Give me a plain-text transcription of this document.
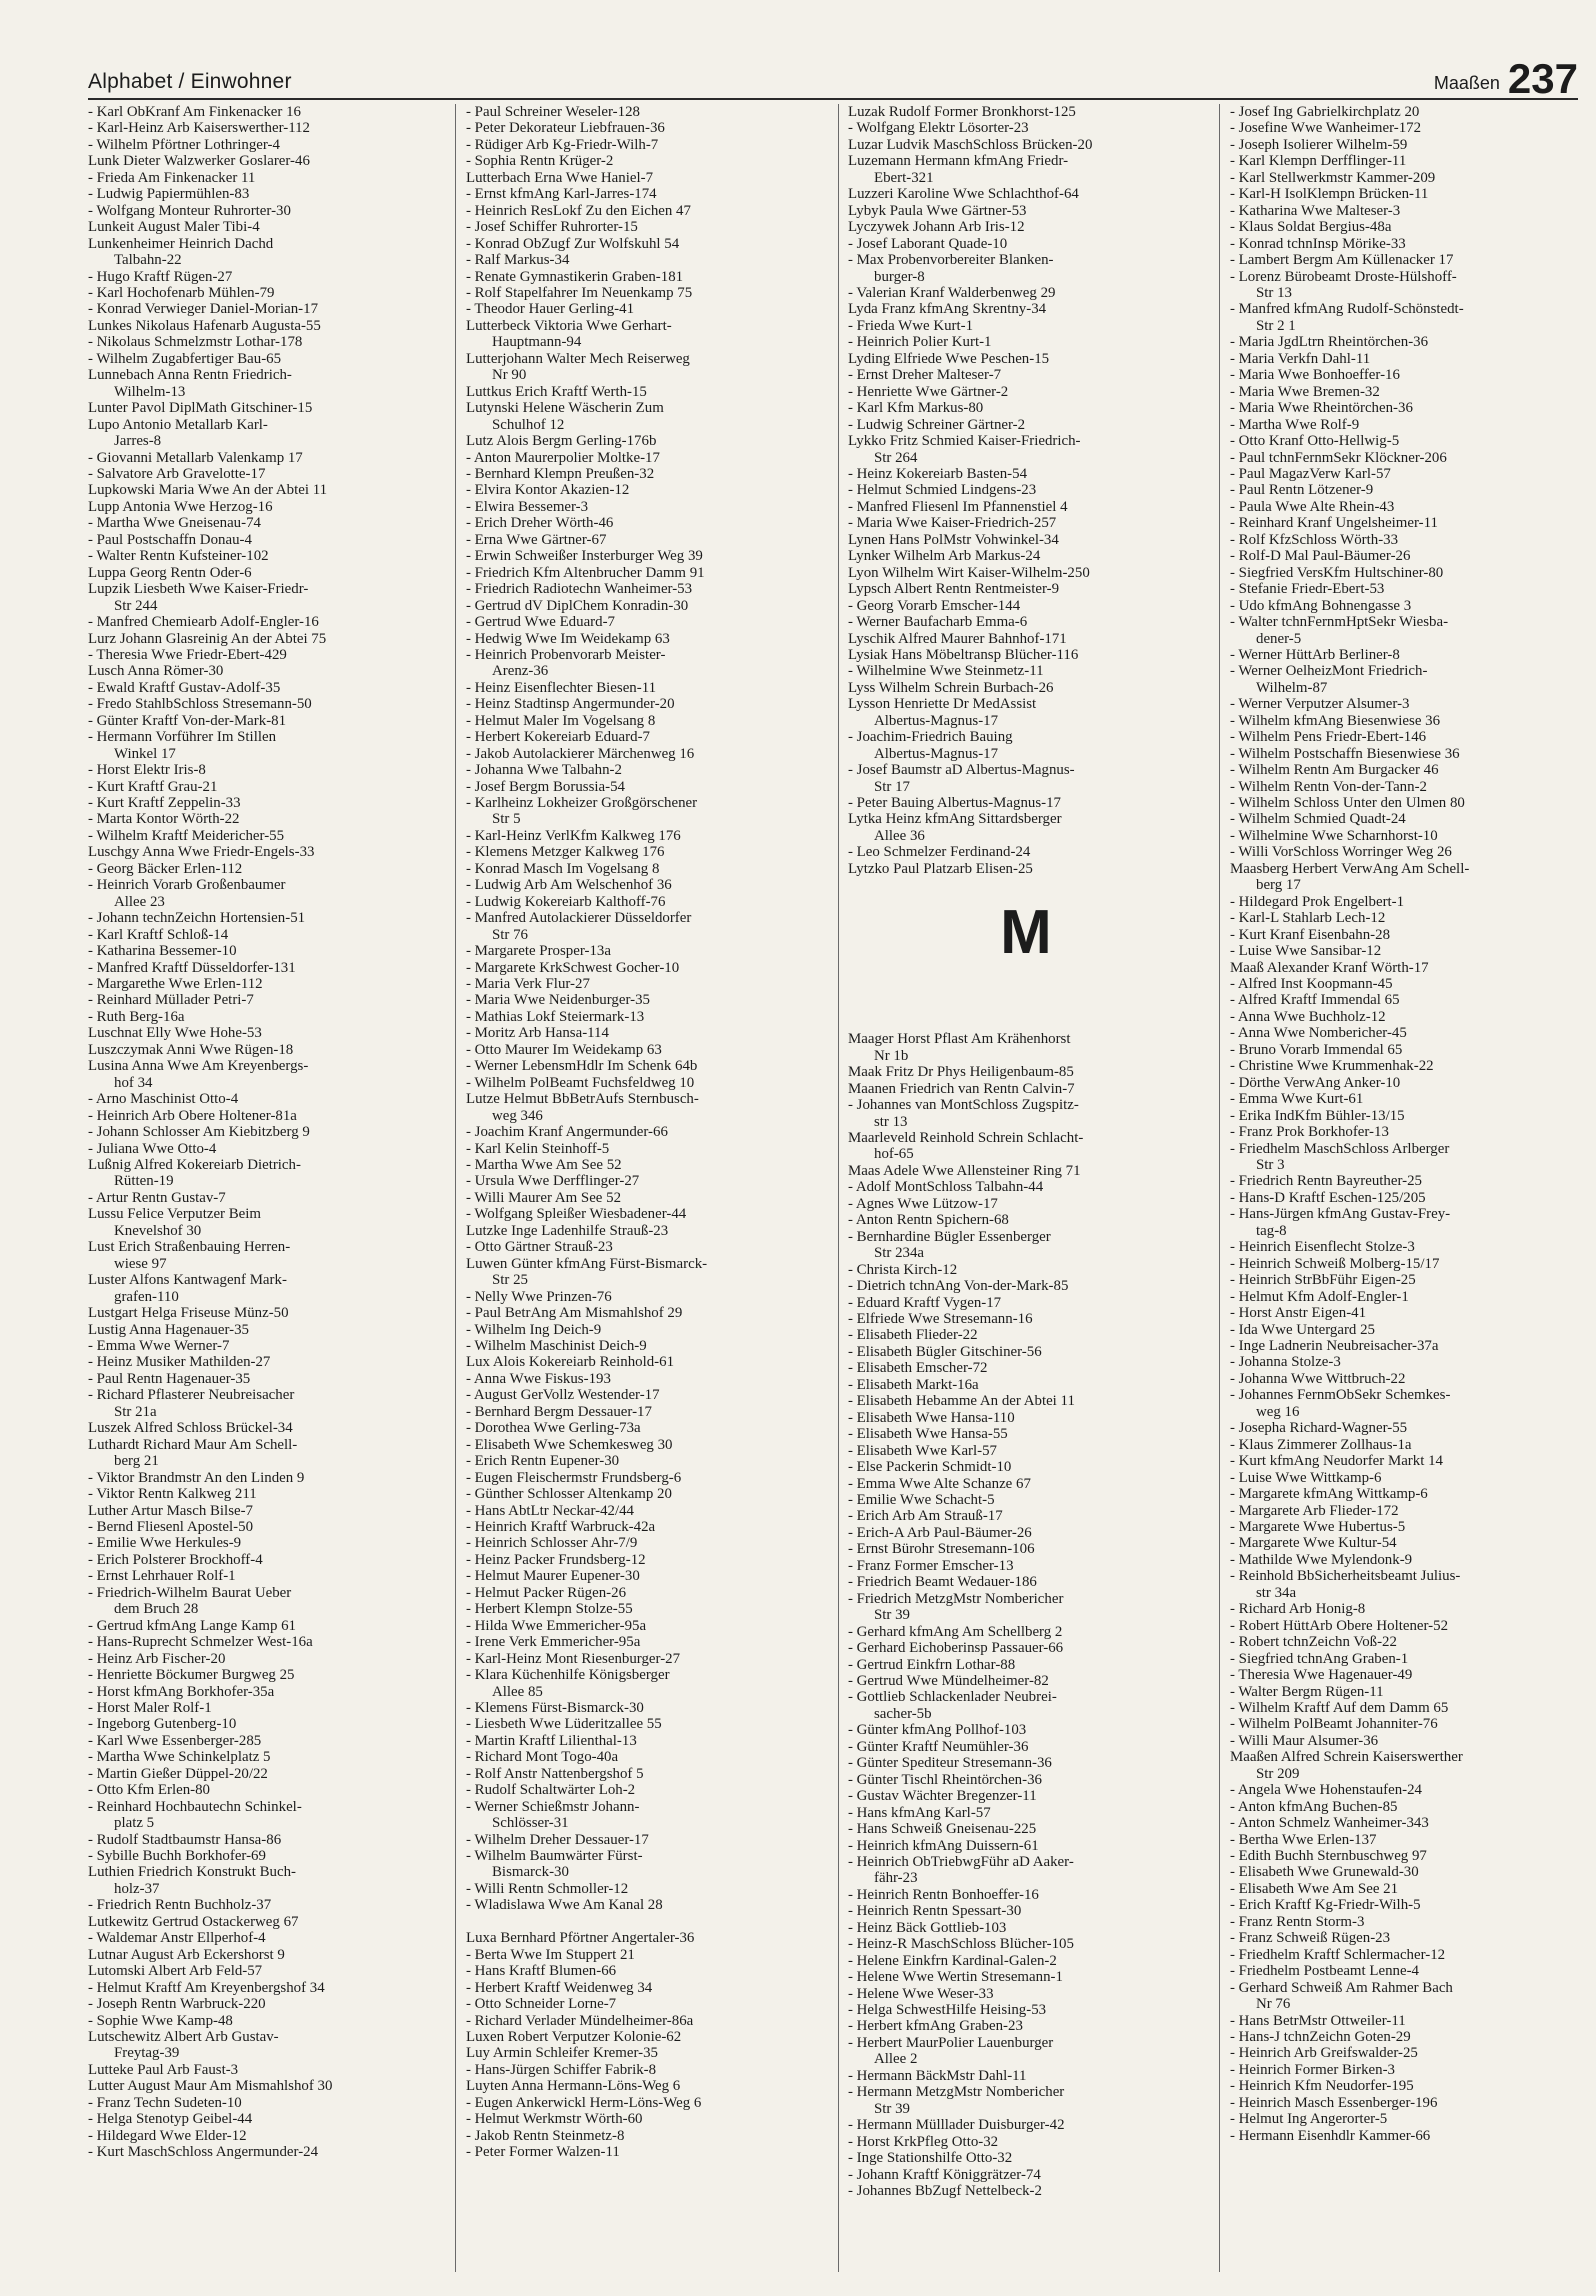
Alphabet / Einwohner	Maaßen 237
- Karl ObKranf Am Finkenacker 16
- Karl-Heinz Arb Kaiserswerther-112
- Wilhelm Pförtner Lothringer-4
Lunk Dieter Walzwerker Goslarer-46
- Frieda Am Finkenacker 11
- Ludwig Papiermühlen-83
- Wolfgang Monteur Ruhrorter-30
Lunkeit August Maler Tibi-4
Lunkenheimer Heinrich Dachd
Talbahn-22
- Hugo Kraftf Rügen-27
- Karl Hochofenarb Mühlen-79
- Konrad Verwieger Daniel-Morian-17
Lunkes Nikolaus Hafenarb Augusta-55
- Nikolaus Schmelzmstr Lothar-178
- Wilhelm Zugabfertiger Bau-65
Lunnebach Anna Rentn Friedrich-
Wilhelm-13
Lunter Pavol DiplMath Gitschiner-15
Lupo Antonio Metallarb Karl-
Jarres-8
- Giovanni Metallarb Valenkamp 17
- Salvatore Arb Gravelotte-17
Lupkowski Maria Wwe An der Abtei 11
Lupp Antonia Wwe Herzog-16
- Martha Wwe Gneisenau-74
- Paul Postschaffn Donau-4
- Walter Rentn Kufsteiner-102
Luppa Georg Rentn Oder-6
Lupzik Liesbeth Wwe Kaiser-Friedr-
Str 244
- Manfred Chemiearb Adolf-Engler-16
Lurz Johann Glasreinig An der Abtei 75
- Theresia Wwe Friedr-Ebert-429
Lusch Anna Römer-30
- Ewald Kraftf Gustav-Adolf-35
- Fredo StahlbSchloss Stresemann-50
- Günter Kraftf Von-der-Mark-81
- Hermann Vorführer Im Stillen
Winkel 17
- Horst Elektr Iris-8
- Kurt Kraftf Grau-21
- Kurt Kraftf Zeppelin-33
- Marta Kontor Wörth-22
- Wilhelm Kraftf Meidericher-55
Luschgy Anna Wwe Friedr-Engels-33
- Georg Bäcker Erlen-112
- Heinrich Vorarb Großenbaumer
Allee 23
- Johann technZeichn Hortensien-51
- Karl Kraftf Schloß-14
- Katharina Bessemer-10
- Manfred Kraftf Düsseldorfer-131
- Margarethe Wwe Erlen-112
- Reinhard Müllader Petri-7
- Ruth Berg-16a
Luschnat Elly Wwe Hohe-53
Luszczymak Anni Wwe Rügen-18
Lusina Anna Wwe Am Kreyenbergs-
hof 34
- Arno Maschinist Otto-4
- Heinrich Arb Obere Holtener-81a
- Johann Schlosser Am Kiebitzberg 9
- Juliana Wwe Otto-4
Lußnig Alfred Kokereiarb Dietrich-
Rütten-19
- Artur Rentn Gustav-7
Lussu Felice Verputzer Beim
Knevelshof 30
Lust Erich Straßenbauing Herren-
wiese 97
Luster Alfons Kantwagenf Mark-
grafen-110
Lustgart Helga Friseuse Münz-50
Lustig Anna Hagenauer-35
- Emma Wwe Werner-7
- Heinz Musiker Mathilden-27
- Paul Rentn Hagenauer-35
- Richard Pflasterer Neubreisacher
Str 21a
Luszek Alfred Schloss Brückel-34
Luthardt Richard Maur Am Schell-
berg 21
- Viktor Brandmstr An den Linden 9
- Viktor Rentn Kalkweg 211
Luther Artur Masch Bilse-7
- Bernd Fliesenl Apostel-50
- Emilie Wwe Herkules-9
- Erich Polsterer Brockhoff-4
- Ernst Lehrhauer Rolf-1
- Friedrich-Wilhelm Baurat Ueber
dem Bruch 28
- Gertrud kfmAng Lange Kamp 61
- Hans-Ruprecht Schmelzer West-16a
- Heinz Arb Fischer-20
- Henriette Böckumer Burgweg 25
- Horst kfmAng Borkhofer-35a
- Horst Maler Rolf-1
- Ingeborg Gutenberg-10
- Karl Wwe Essenberger-285
- Martha Wwe Schinkelplatz 5
- Martin Gießer Düppel-20/22
- Otto Kfm Erlen-80
- Reinhard Hochbautechn Schinkel-
platz 5
- Rudolf Stadtbaumstr Hansa-86
- Sybille Buchh Borkhofer-69
Luthien Friedrich Konstrukt Buch-
holz-37
- Friedrich Rentn Buchholz-37
Lutkewitz Gertrud Ostackerweg 67
- Waldemar Anstr Ellperhof-4
Lutnar August Arb Eckershorst 9
Lutomski Albert Arb Feld-57
- Helmut Kraftf Am Kreyenbergshof 34
- Joseph Rentn Warbruck-220
- Sophie Wwe Kamp-48
Lutschewitz Albert Arb Gustav-
Freytag-39
Lutteke Paul Arb Faust-3
Lutter August Maur Am Mismahlshof 30
- Franz Techn Sudeten-10
- Helga Stenotyp Geibel-44
- Hildegard Wwe Elder-12
- Kurt MaschSchloss Angermunder-24
- Paul Schreiner Weseler-128
- Peter Dekorateur Liebfrauen-36
- Rüdiger Arb Kg-Friedr-Wilh-7
- Sophia Rentn Krüger-2
Lutterbach Erna Wwe Haniel-7
- Ernst kfmAng Karl-Jarres-174
- Heinrich ResLokf Zu den Eichen 47
- Josef Schiffer Ruhrorter-15
- Konrad ObZugf Zur Wolfskuhl 54
- Ralf Markus-34
- Renate Gymnastikerin Graben-181
- Rolf Stapelfahrer Im Neuenkamp 75
- Theodor Hauer Gerling-41
Lutterbeck Viktoria Wwe Gerhart-
Hauptmann-94
Lutterjohann Walter Mech Reiserweg
Nr 90
Luttkus Erich Kraftf Werth-15
Lutynski Helene Wäscherin Zum
Schulhof 12
Lutz Alois Bergm Gerling-176b
- Anton Maurerpolier Moltke-17
- Bernhard Klempn Preußen-32
- Elvira Kontor Akazien-12
- Elwira Bessemer-3
- Erich Dreher Wörth-46
- Erna Wwe Gärtner-67
- Erwin Schweißer Insterburger Weg 39
- Friedrich Kfm Altenbrucher Damm 91
- Friedrich Radiotechn Wanheimer-53
- Gertrud dV DiplChem Konradin-30
- Gertrud Wwe Eduard-7
- Hedwig Wwe Im Weidekamp 63
- Heinrich Probenvorarb Meister-
Arenz-36
- Heinz Eisenflechter Biesen-11
- Heinz Stadtinsp Angermunder-20
- Helmut Maler Im Vogelsang 8
- Herbert Kokereiarb Eduard-7
- Jakob Autolackierer Märchenweg 16
- Johanna Wwe Talbahn-2
- Josef Bergm Borussia-54
- Karlheinz Lokheizer Großgörschener
Str 5
- Karl-Heinz VerlKfm Kalkweg 176
- Klemens Metzger Kalkweg 176
- Konrad Masch Im Vogelsang 8
- Ludwig Arb Am Welschenhof 36
- Ludwig Kokereiarb Kalthoff-76
- Manfred Autolackierer Düsseldorfer
Str 76
- Margarete Prosper-13a
- Margarete KrkSchwest Gocher-10
- Maria Verk Flur-27
- Maria Wwe Neidenburger-35
- Mathias Lokf Steiermark-13
- Moritz Arb Hansa-114
- Otto Maurer Im Weidekamp 63
- Werner LebensmHdlr Im Schenk 64b
- Wilhelm PolBeamt Fuchsfeldweg 10
Lutze Helmut BbBetrAufs Sternbusch-
weg 346
- Joachim Kranf Angermunder-66
- Karl Kelin Steinhoff-5
- Martha Wwe Am See 52
- Ursula Wwe Derfflinger-27
- Willi Maurer Am See 52
- Wolfgang Spleißer Wiesbadener-44
Lutzke Inge Ladenhilfe Strauß-23
- Otto Gärtner Strauß-23
Luwen Günter kfmAng Fürst-Bismarck-
Str 25
- Nelly Wwe Prinzen-76
- Paul BetrAng Am Mismahlshof 29
- Wilhelm Ing Deich-9
- Wilhelm Maschinist Deich-9
Lux Alois Kokereiarb Reinhold-61
- Anna Wwe Fiskus-193
- August GerVollz Westender-17
- Bernhard Bergm Dessauer-17
- Dorothea Wwe Gerling-73a
- Elisabeth Wwe Schemkesweg 30
- Erich Rentn Eupener-30
- Eugen Fleischermstr Frundsberg-6
- Günther Schlosser Altenkamp 20
- Hans AbtLtr Neckar-42/44
- Heinrich Kraftf Warbruck-42a
- Heinrich Schlosser Ahr-7/9
- Heinz Packer Frundsberg-12
- Helmut Maurer Eupener-30
- Helmut Packer Rügen-26
- Herbert Klempn Stolze-55
- Hilda Wwe Emmericher-95a
- Irene Verk Emmericher-95a
- Karl-Heinz Mont Riesenburger-27
- Klara Küchenhilfe Königsberger
Allee 85
- Klemens Fürst-Bismarck-30
- Liesbeth Wwe Lüderitzallee 55
- Martin Kraftf Lilienthal-13
- Richard Mont Togo-40a
- Rolf Anstr Nattenbergshof 5
- Rudolf Schaltwärter Loh-2
- Werner Schießmstr Johann-
Schlösser-31
- Wilhelm Dreher Dessauer-17
- Wilhelm Baumwärter Fürst-
Bismarck-30
- Willi Rentn Schmoller-12
- Wladislawa Wwe Am Kanal 28
Luxa Bernhard Pförtner Angertaler-36
- Berta Wwe Im Stuppert 21
- Hans Kraftf Blumen-66
- Herbert Kraftf Weidenweg 34
- Otto Schneider Lorne-7
- Richard Verlader Mündelheimer-86a
Luxen Robert Verputzer Kolonie-62
Luy Armin Schleifer Kremer-35
- Hans-Jürgen Schiffer Fabrik-8
Luyten Anna Hermann-Löns-Weg 6
- Eugen Ankerwickl Herm-Löns-Weg 6
- Helmut Werkmstr Wörth-60
- Jakob Rentn Steinmetz-8
- Peter Former Walzen-11
Luzak Rudolf Former Bronkhorst-125
- Wolfgang Elektr Lösorter-23
Luzar Ludvik MaschSchloss Brücken-20
Luzemann Hermann kfmAng Friedr-
Ebert-321
Luzzeri Karoline Wwe Schlachthof-64
Lybyk Paula Wwe Gärtner-53
Lyczywek Johann Arb Iris-12
- Josef Laborant Quade-10
- Max Probenvorbereiter Blanken-
burger-8
- Valerian Kranf Walderbenweg 29
Lyda Franz kfmAng Skrentny-34
- Frieda Wwe Kurt-1
- Heinrich Polier Kurt-1
Lyding Elfriede Wwe Peschen-15
- Ernst Dreher Malteser-7
- Henriette Wwe Gärtner-2
- Karl Kfm Markus-80
- Ludwig Schreiner Gärtner-2
Lykko Fritz Schmied Kaiser-Friedrich-
Str 264
- Heinz Kokereiarb Basten-54
- Helmut Schmied Lindgens-23
- Manfred Fliesenl Im Pfannenstiel 4
- Maria Wwe Kaiser-Friedrich-257
Lynen Hans PolMstr Vohwinkel-34
Lynker Wilhelm Arb Markus-24
Lyon Wilhelm Wirt Kaiser-Wilhelm-250
Lypsch Albert Rentn Rentmeister-9
- Georg Vorarb Emscher-144
- Werner Baufacharb Emma-6
Lyschik Alfred Maurer Bahnhof-171
Lysiak Hans Möbeltransp Blücher-116
- Wilhelmine Wwe Steinmetz-11
Lyss Wilhelm Schrein Burbach-26
Lysson Henriette Dr MedAssist
Albertus-Magnus-17
- Joachim-Friedrich Bauing
Albertus-Magnus-17
- Josef Baumstr aD Albertus-Magnus-
Str 17
- Peter Bauing Albertus-Magnus-17
Lytka Heinz kfmAng Sittardsberger
Allee 36
- Leo Schmelzer Ferdinand-24
Lytzko Paul Platzarb Elisen-25
M
Maager Horst Pflast Am Krähenhorst
Nr 1b
Maak Fritz Dr Phys Heiligenbaum-85
Maanen Friedrich van Rentn Calvin-7
- Johannes van MontSchloss Zugspitz-
str 13
Maarleveld Reinhold Schrein Schlacht-
hof-65
Maas Adele Wwe Allensteiner Ring 71
- Adolf MontSchloss Talbahn-44
- Agnes Wwe Lützow-17
- Anton Rentn Spichern-68
- Bernhardine Bügler Essenberger
Str 234a
- Christa Kirch-12
- Dietrich tchnAng Von-der-Mark-85
- Eduard Kraftf Vygen-17
- Elfriede Wwe Stresemann-16
- Elisabeth Flieder-22
- Elisabeth Bügler Gitschiner-56
- Elisabeth Emscher-72
- Elisabeth Markt-16a
- Elisabeth Hebamme An der Abtei 11
- Elisabeth Wwe Hansa-110
- Elisabeth Wwe Hansa-55
- Elisabeth Wwe Karl-57
- Else Packerin Schmidt-10
- Emma Wwe Alte Schanze 67
- Emilie Wwe Schacht-5
- Erich Arb Am Strauß-17
- Erich-A Arb Paul-Bäumer-26
- Ernst Bürohr Stresemann-106
- Franz Former Emscher-13
- Friedrich Beamt Wedauer-186
- Friedrich MetzgMstr Nombericher
Str 39
- Gerhard kfmAng Am Schellberg 2
- Gerhard Eichoberinsp Passauer-66
- Gertrud Einkfrn Lothar-88
- Gertrud Wwe Mündelheimer-82
- Gottlieb Schlackenlader Neubrei-
sacher-5b
- Günter kfmAng Pollhof-103
- Günter Kraftf Neumühler-36
- Günter Spediteur Stresemann-36
- Günter Tischl Rheintörchen-36
- Gustav Wächter Bregenzer-11
- Hans kfmAng Karl-57
- Hans Schweiß Gneisenau-225
- Heinrich kfmAng Duissern-61
- Heinrich ObTriebwgFühr aD Aaker-
fähr-23
- Heinrich Rentn Bonhoeffer-16
- Heinrich Rentn Spessart-30
- Heinz Bäck Gottlieb-103
- Heinz-R MaschSchloss Blücher-105
- Helene Einkfrn Kardinal-Galen-2
- Helene Wwe Wertin Stresemann-1
- Helene Wwe Weser-33
- Helga SchwestHilfe Heising-53
- Herbert kfmAng Graben-23
- Herbert MaurPolier Lauenburger
Allee 2
- Hermann BäckMstr Dahl-11
- Hermann MetzgMstr Nombericher
Str 39
- Hermann Mülllader Duisburger-42
- Horst KrkPfleg Otto-32
- Inge Stationshilfe Otto-32
- Johann Kraftf Königgrätzer-74
- Johannes BbZugf Nettelbeck-2
- Josef Ing Gabrielkirchplatz 20
- Josefine Wwe Wanheimer-172
- Joseph Isolierer Wilhelm-59
- Karl Klempn Derfflinger-11
- Karl Stellwerkmstr Kammer-209
- Karl-H IsolKlempn Brücken-11
- Katharina Wwe Malteser-3
- Klaus Soldat Bergius-48a
- Konrad tchnInsp Mörike-33
- Lambert Bergm Am Küllenacker 17
- Lorenz Bürobeamt Droste-Hülshoff-
Str 13
- Manfred kfmAng Rudolf-Schönstedt-
Str 2 1
- Maria JgdLtrn Rheintörchen-36
- Maria Verkfn Dahl-11
- Maria Wwe Bonhoeffer-16
- Maria Wwe Bremen-32
- Maria Wwe Rheintörchen-36
- Martha Wwe Rolf-9
- Otto Kranf Otto-Hellwig-5
- Paul tchnFernmSekr Klöckner-206
- Paul MagazVerw Karl-57
- Paul Rentn Lötzener-9
- Paula Wwe Alte Rhein-43
- Reinhard Kranf Ungelsheimer-11
- Rolf KfzSchloss Wörth-33
- Rolf-D Mal Paul-Bäumer-26
- Siegfried VersKfm Hultschiner-80
- Stefanie Friedr-Ebert-53
- Udo kfmAng Bohnengasse 3
- Walter tchnFernmHptSekr Wiesba-
dener-5
- Werner HüttArb Berliner-8
- Werner OelheizMont Friedrich-
Wilhelm-87
- Werner Verputzer Alsumer-3
- Wilhelm kfmAng Biesenwiese 36
- Wilhelm Pens Friedr-Ebert-146
- Wilhelm Postschaffn Biesenwiese 36
- Wilhelm Rentn Am Burgacker 46
- Wilhelm Rentn Von-der-Tann-2
- Wilhelm Schloss Unter den Ulmen 80
- Wilhelm Schmied Quadt-24
- Wilhelmine Wwe Scharnhorst-10
- Willi VorSchloss Worringer Weg 26
Maasberg Herbert VerwAng Am Schell-
berg 17
- Hildegard Prok Engelbert-1
- Karl-L Stahlarb Lech-12
- Kurt Kranf Eisenbahn-28
- Luise Wwe Sansibar-12
Maaß Alexander Kranf Wörth-17
- Alfred Inst Koopmann-45
- Alfred Kraftf Immendal 65
- Anna Wwe Buchholz-12
- Anna Wwe Nombericher-45
- Bruno Vorarb Immendal 65
- Christine Wwe Krummenhak-22
- Dörthe VerwAng Anker-10
- Emma Wwe Kurt-61
- Erika IndKfm Bühler-13/15
- Franz Prok Borkhofer-13
- Friedhelm MaschSchloss Arlberger
Str 3
- Friedrich Rentn Bayreuther-25
- Hans-D Kraftf Eschen-125/205
- Hans-Jürgen kfmAng Gustav-Frey-
tag-8
- Heinrich Eisenflecht Stolze-3
- Heinrich Schweiß Molberg-15/17
- Heinrich StrBbFühr Eigen-25
- Helmut Kfm Adolf-Engler-1
- Horst Anstr Eigen-41
- Ida Wwe Untergard 25
- Inge Ladnerin Neubreisacher-37a
- Johanna Stolze-3
- Johanna Wwe Wittbruch-22
- Johannes FernmObSekr Schemkes-
weg 16
- Josepha Richard-Wagner-55
- Klaus Zimmerer Zollhaus-1a
- Kurt kfmAng Neudorfer Markt 14
- Luise Wwe Wittkamp-6
- Margarete kfmAng Wittkamp-6
- Margarete Arb Flieder-172
- Margarete Wwe Hubertus-5
- Margarete Wwe Kultur-54
- Mathilde Wwe Mylendonk-9
- Reinhold BbSicherheitsbeamt Julius-
str 34a
- Richard Arb Honig-8
- Robert HüttArb Obere Holtener-52
- Robert tchnZeichn Voß-22
- Siegfried tchnAng Graben-1
- Theresia Wwe Hagenauer-49
- Walter Bergm Rügen-11
- Wilhelm Kraftf Auf dem Damm 65
- Wilhelm PolBeamt Johanniter-76
- Willi Maur Alsumer-36
Maaßen Alfred Schrein Kaiserswerther
Str 209
- Angela Wwe Hohenstaufen-24
- Anton kfmAng Buchen-85
- Anton Schmelz Wanheimer-343
- Bertha Wwe Erlen-137
- Edith Buchh Sternbuschweg 97
- Elisabeth Wwe Grunewald-30
- Elisabeth Wwe Am See 21
- Erich Kraftf Kg-Friedr-Wilh-5
- Franz Rentn Storm-3
- Franz Schweiß Rügen-23
- Friedhelm Kraftf Schlermacher-12
- Friedhelm Postbeamt Lenne-4
- Gerhard Schweiß Am Rahmer Bach
Nr 76
- Hans BetrMstr Ottweiler-11
- Hans-J tchnZeichn Goten-29
- Heinrich Arb Greifswalder-25
- Heinrich Former Birken-3
- Heinrich Kfm Neudorfer-195
- Heinrich Masch Essenberger-196
- Helmut Ing Angerorter-5
- Hermann Eisenhdlr Kammer-66
